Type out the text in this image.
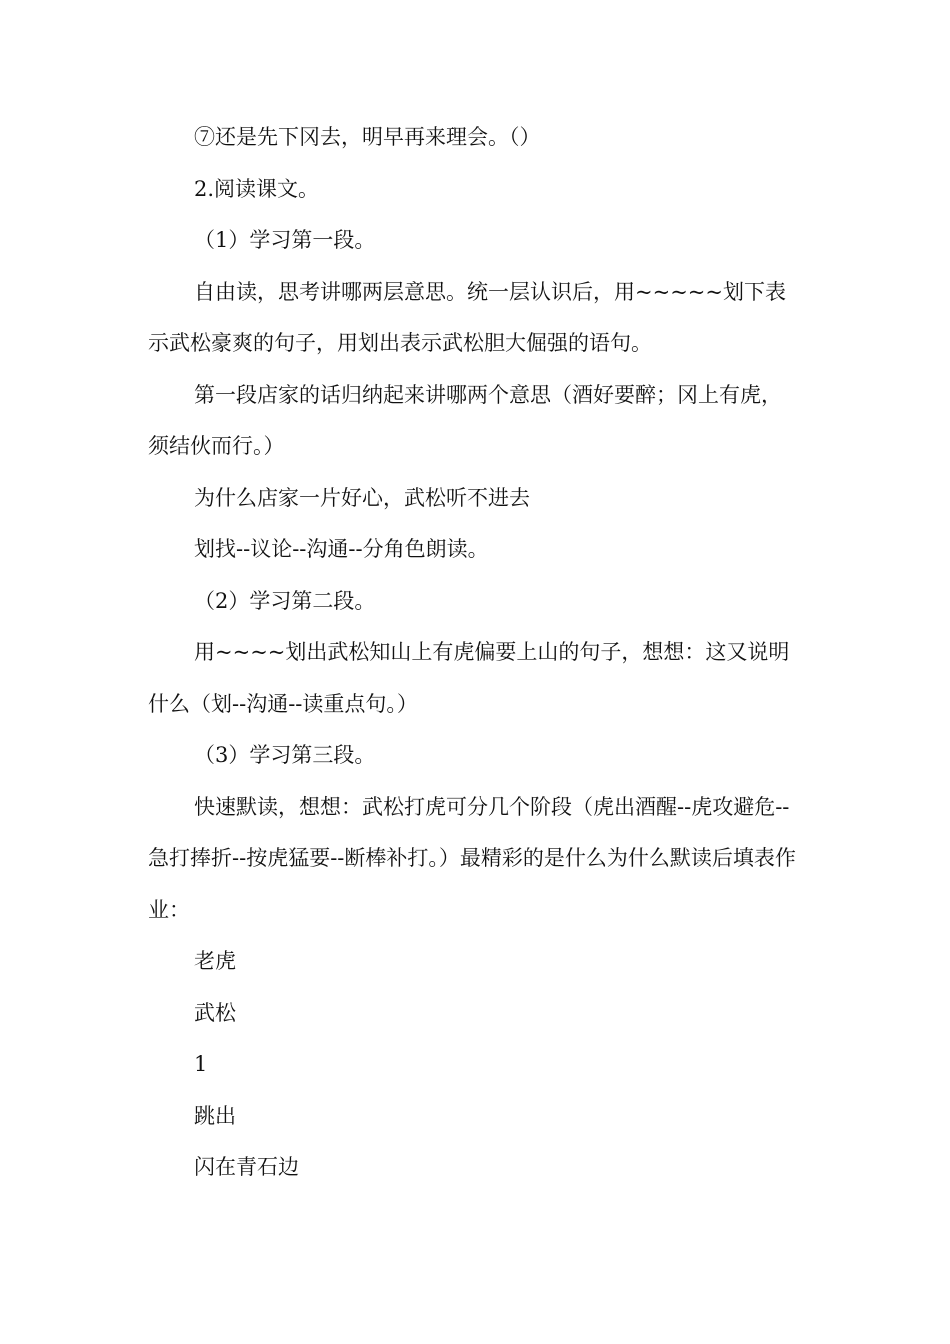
⑦还是先下冈去，明早再来理会。（）

2.阅读课文。

（1）学习第一段。

自由读，思考讲哪两层意思。统一层认识后，用~~~~~划下表示武松豪爽的句子，用划出表示武松胆大倔强的语句。

第一段店家的话归纳起来讲哪两个意思（酒好要醉；冈上有虎，须结伙而行。）

为什么店家一片好心，武松听不进去

划找--议论--沟通--分角色朗读。

（2）学习第二段。

用~~~~划出武松知山上有虎偏要上山的句子，想想：这又说明什么（划--沟通--读重点句。）

（3）学习第三段。

快速默读，想想：武松打虎可分几个阶段（虎出酒醒--虎攻避危--急打捧折--按虎猛要--断棒补打。）最精彩的是什么为什么默读后填表作业：

老虎

武松

1

跳出

闪在青石边
